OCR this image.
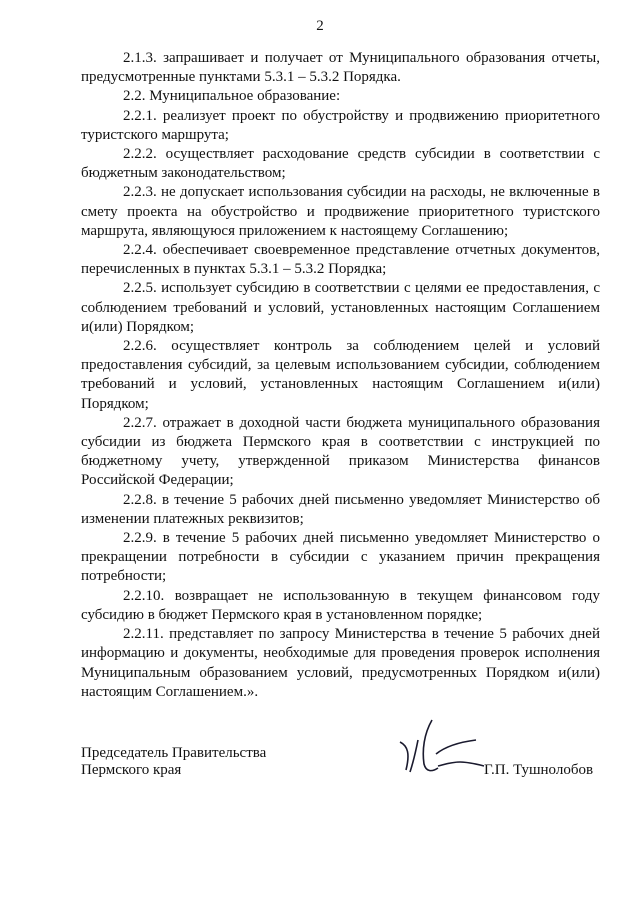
2

2.1.3. запрашивает и получает от Муниципального образования отчеты, предусмотренные пунктами 5.3.1 – 5.3.2 Порядка.

2.2. Муниципальное образование:

2.2.1. реализует проект по обустройству и продвижению приоритетного туристского маршрута;

2.2.2. осуществляет расходование средств субсидии в соответствии с бюджетным законодательством;

2.2.3. не допускает использования субсидии на расходы, не включенные в смету проекта на обустройство и продвижение приоритетного туристского маршрута, являющуюся приложением к настоящему Соглашению;

2.2.4. обеспечивает своевременное представление отчетных документов, перечисленных в пунктах 5.3.1 – 5.3.2 Порядка;

2.2.5. использует субсидию в соответствии с целями ее предоставления, с соблюдением требований и условий, установленных настоящим Соглашением и(или) Порядком;

2.2.6. осуществляет контроль за соблюдением целей и условий предоставления субсидий, за целевым использованием субсидии, соблюдением требований и условий, установленных настоящим Соглашением и(или) Порядком;

2.2.7. отражает в доходной части бюджета муниципального образования субсидии из бюджета Пермского края в соответствии с инструкцией по бюджетному учету, утвержденной приказом Министерства финансов Российской Федерации;

2.2.8. в течение 5 рабочих дней письменно уведомляет Министерство об изменении платежных реквизитов;

2.2.9. в течение 5 рабочих дней письменно уведомляет Министерство о прекращении потребности в субсидии с указанием причин прекращения потребности;

2.2.10. возвращает не использованную в текущем финансовом году субсидию в бюджет Пермского края в установленном порядке;

2.2.11. представляет по запросу Министерства в течение 5 рабочих дней информацию и документы, необходимые для проведения проверок исполнения Муниципальным образованием условий, предусмотренных Порядком и(или) настоящим Соглашением.».

Председатель Правительства
Пермского края	Г.П. Тушнолобов
